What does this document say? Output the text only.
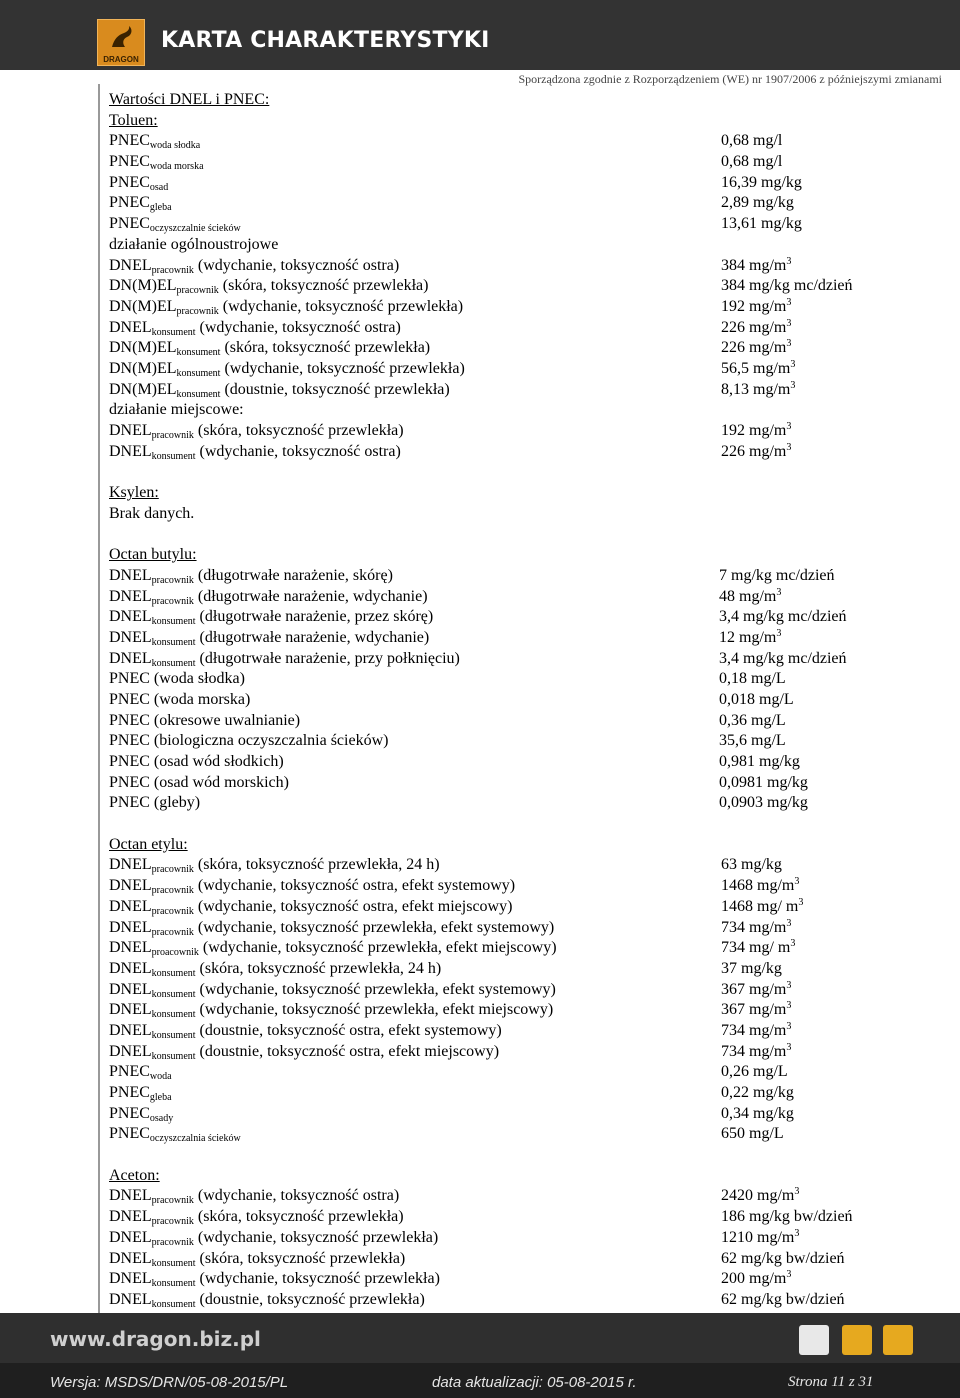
DRAGON
KARTA CHARAKTERYSTYKI
Sporządzona zgodnie z Rozporządzeniem (WE) nr 1907/2006 z późniejszymi zmianami
Wartości DNEL i PNEC:
Toluen:
$PNEC_{woda słodka}$	0,68 mg/l
$PNEC_{woda morska}$	0,68 mg/l
$PNEC_{osad}$	16,39 mg/kg
$PNEC_{gleba}$	2,89 mg/kg
$PNEC_{oczyszczalnie ścieków}$	13,61 mg/kg
działanie ogólnoustrojowe
$DNEL_{pracownik}$ (wdychanie, toksyczność ostra)	384 $mg/m^3$
$DN(M)EL_{pracownik}$ (skóra, toksyczność przewlekła)	384 mg/kg mc/dzień
$DN(M)EL_{pracownik}$ (wdychanie, toksyczność przewlekła)	192 $mg/m^3$
$DNEL_{konsument}$ (wdychanie, toksyczność ostra)	226 $mg/m^3$
$DN(M)EL_{konsument}$ (skóra, toksyczność przewlekła)	226 $mg/m^3$
$DN(M)EL_{konsument}$ (wdychanie, toksyczność przewlekła)	56,5 $mg/m^3$
$DN(M)EL_{konsument}$ (doustnie, toksyczność przewlekła)	8,13 $mg/m^3$
działanie miejscowe:
$DNEL_{pracownik}$ (skóra, toksyczność przewlekła)	192 $mg/m^3$
$DNEL_{konsument}$ (wdychanie, toksyczność ostra)	226 $mg/m^3$
Ksylen:
Brak danych.
Octan butylu:
$DNEL_{pracownik}$ (długotrwałe narażenie, skórę)	7 mg/kg mc/dzień
$DNEL_{pracownik}$ (długotrwałe narażenie, wdychanie)	48 $mg/m^3$
$DNEL_{konsument}$ (długotrwałe narażenie, przez skórę)	3,4 mg/kg mc/dzień
$DNEL_{konsument}$ (długotrwałe narażenie, wdychanie)	12 $mg/m^3$
$DNEL_{konsument}$ (długotrwałe narażenie, przy połknięciu)	3,4 mg/kg mc/dzień
PNEC (woda słodka)	0,18 mg/L
PNEC (woda morska)	0,018 mg/L
PNEC (okresowe uwalnianie)	0,36 mg/L
PNEC (biologiczna oczyszczalnia ścieków)	35,6 mg/L
PNEC (osad wód słodkich)	0,981 mg/kg
PNEC (osad wód morskich)	0,0981 mg/kg
PNEC (gleby)	0,0903 mg/kg
Octan etylu:
$DNEL_{pracownik}$ (skóra, toksyczność przewlekła, 24 h)	63 mg/kg
$DNEL_{pracownik}$ (wdychanie, toksyczność ostra, efekt systemowy)	1468 $mg/m^3$
$DNEL_{pracownik}$ (wdychanie, toksyczność ostra, efekt miejscowy)	1468 mg/ $m^3$
$DNEL_{pracownik}$ (wdychanie, toksyczność przewlekła, efekt systemowy)	734 $mg/m^3$
$DNEL_{proacownik}$ (wdychanie, toksyczność przewlekła, efekt miejscowy)	734 mg/ $m^3$
$DNEL_{konsument}$ (skóra, toksyczność przewlekła, 24 h)	37 mg/kg
$DNEL_{konsument}$ (wdychanie, toksyczność przewlekła, efekt systemowy)	367 $mg/m^3$
$DNEL_{konsument}$ (wdychanie, toksyczność przewlekła, efekt miejscowy)	367 $mg/m^3$
$DNEL_{konsument}$ (doustnie, toksyczność ostra, efekt systemowy)	734 $mg/m^3$
$DNEL_{konsument}$ (doustnie, toksyczność ostra, efekt miejscowy)	734 $mg/m^3$
$PNEC_{woda}$	0,26 mg/L
$PNEC_{gleba}$	0,22 mg/kg
$PNEC_{osady}$	0,34 mg/kg
$PNEC_{oczyszczalnia ścieków}$	650 mg/L
Aceton:
$DNEL_{pracownik}$ (wdychanie, toksyczność ostra)	2420 $mg/m^3$
$DNEL_{pracownik}$ (skóra, toksyczność przewlekła)	186 mg/kg bw/dzień
$DNEL_{pracownik}$ (wdychanie, toksyczność przewlekła)	1210 $mg/m^3$
$DNEL_{konsument}$ (skóra, toksyczność przewlekła)	62 mg/kg bw/dzień
$DNEL_{konsument}$ (wdychanie, toksyczność przewlekła)	200 $mg/m^3$
$DNEL_{konsument}$ (doustnie, toksyczność przewlekła)	62 mg/kg bw/dzień
www.dragon.biz.pl
Wersja: MSDS/DRN/05-08-2015/PL	data aktualizacji: 05-08-2015 r.	Strona 11 z 31
